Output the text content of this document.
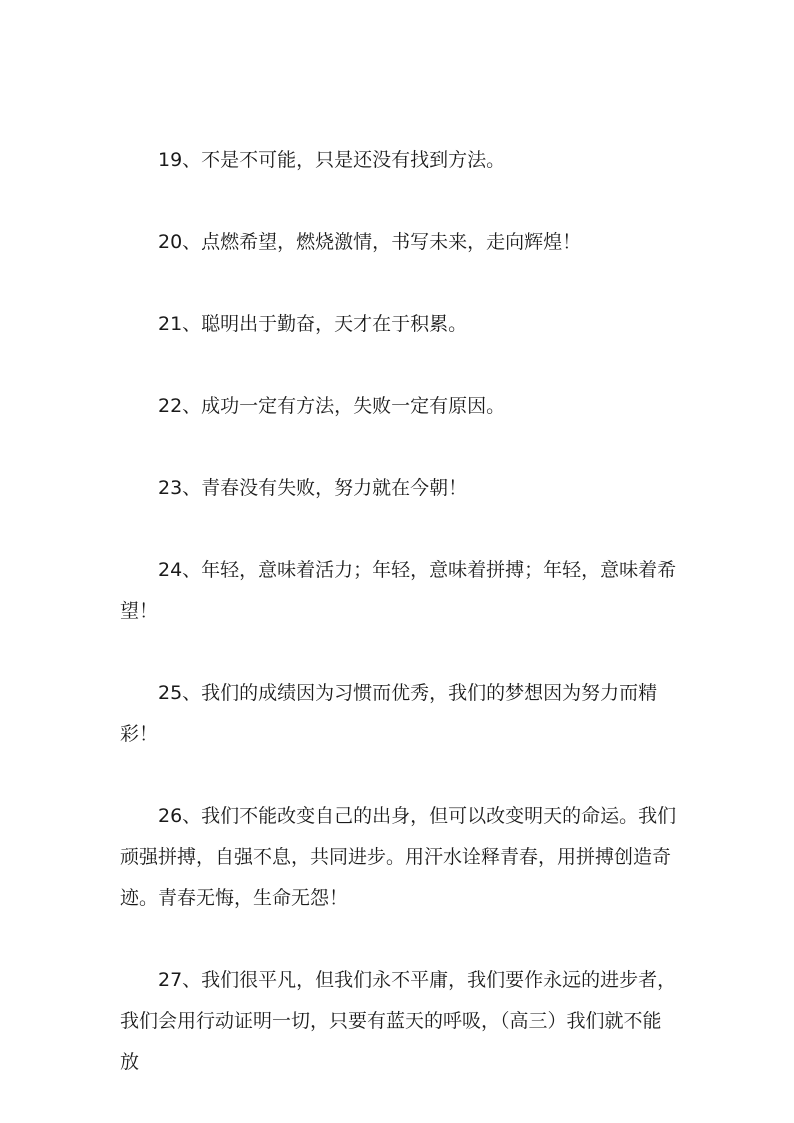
19、不是不可能，只是还没有找到方法。

20、点燃希望，燃烧激情，书写未来，走向辉煌！

21、聪明出于勤奋，天才在于积累。

22、成功一定有方法，失败一定有原因。

23、青春没有失败，努力就在今朝！

24、年轻，意味着活力；年轻，意味着拼搏；年轻，意味着希望！

25、我们的成绩因为习惯而优秀，我们的梦想因为努力而精彩！

26、我们不能改变自己的出身，但可以改变明天的命运。我们顽强拼搏，自强不息，共同进步。用汗水诠释青春，用拼搏创造奇迹。青春无悔，生命无怨！

27、我们很平凡，但我们永不平庸，我们要作永远的进步者，我们会用行动证明一切，只要有蓝天的呼吸，（高三）我们就不能放
